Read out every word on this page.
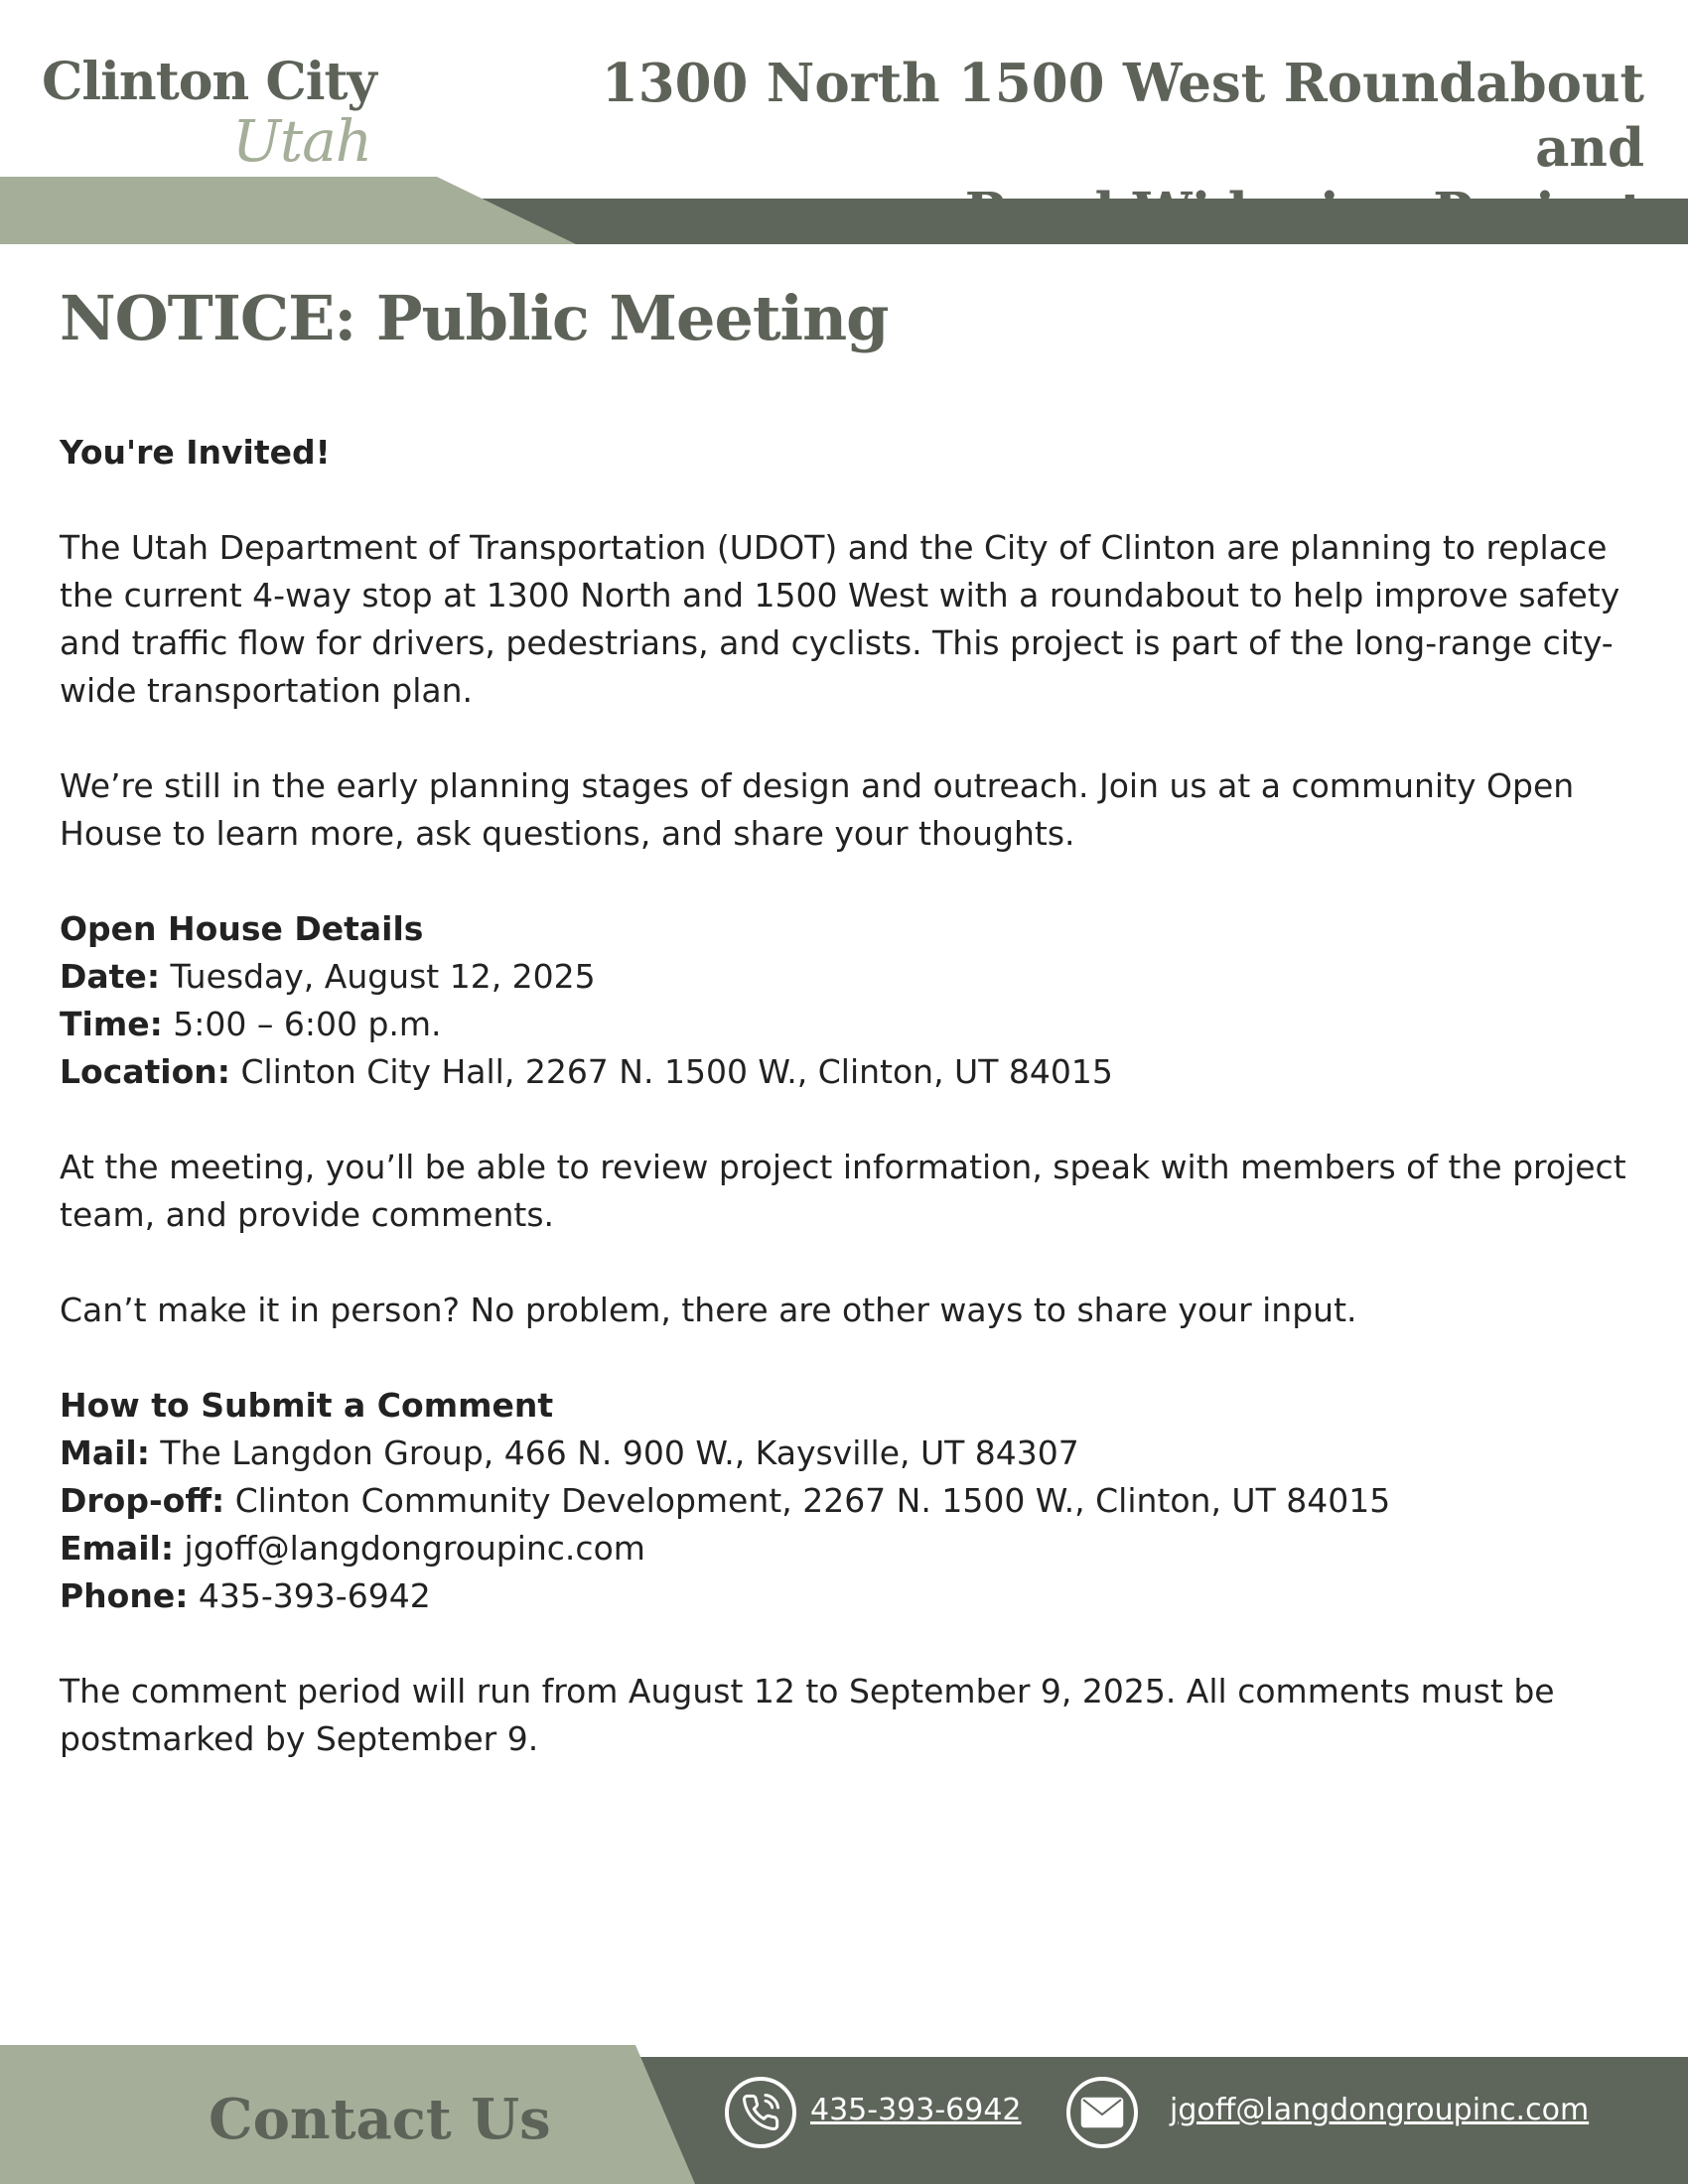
Clinton City
Utah
1300 North 1500 West Roundabout and
NOTICE: Public Meeting

You're Invited!

The Utah Department of Transportation (UDOT) and the City of Clinton are planning to replace the current 4-way stop at 1300 North and 1500 West with a roundabout to help improve safety and traffic flow for drivers, pedestrians, and cyclists. This project is part of the long-range city-wide transportation plan.

We’re still in the early planning stages of design and outreach. Join us at a community Open House to learn more, ask questions, and share your thoughts.

Open House Details

Date: Tuesday, August 12, 2025

Time: 5:00 – 6:00 p.m.

Location: Clinton City Hall, 2267 N. 1500 W., Clinton, UT 84015

At the meeting, you’ll be able to review project information, speak with members of the project team, and provide comments.

Can’t make it in person? No problem, there are other ways to share your input.

How to Submit a Comment

Mail: The Langdon Group, 466 N. 900 W., Kaysville, UT 84307

Drop-off: Clinton Community Development, 2267 N. 1500 W., Clinton, UT 84015

Email: jgoff@langdongroupinc.com

Phone: 435-393-6942

The comment period will run from August 12 to September 9, 2025. All comments must be postmarked by September 9.

Contact Us	435-393-6942	jgoff@langdongroupinc.com
